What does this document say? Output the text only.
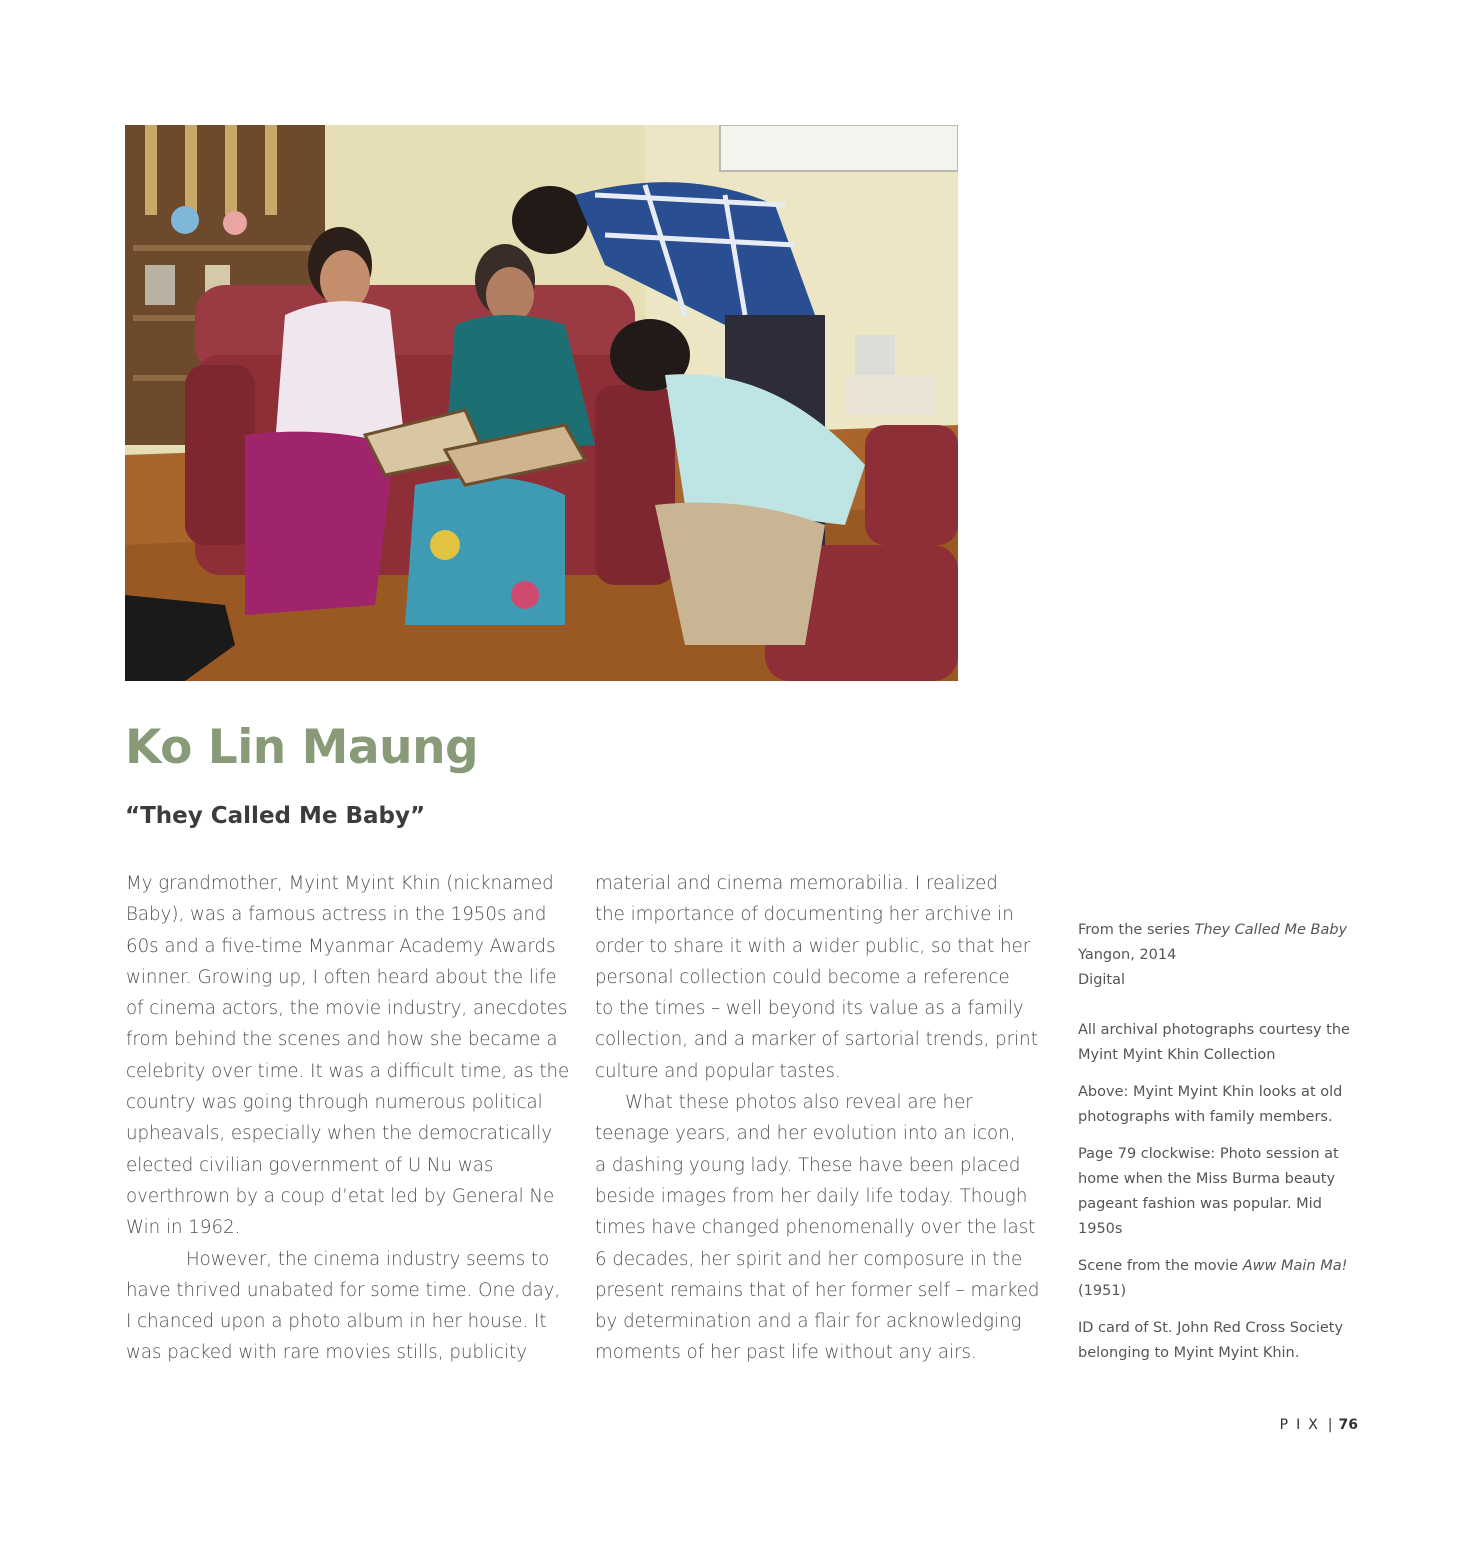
Ko Lin Maung
“They Called Me Baby”

My grandmother, Myint Myint Khin (nicknamed
Baby), was a famous actress in the 1950s and
60s and a five-time Myanmar Academy Awards
winner. Growing up, I often heard about the life
of cinema actors, the movie industry, anecdotes
from behind the scenes and how she became a
celebrity over time. It was a difficult time, as the
country was going through numerous political
upheavals, especially when the democratically
elected civilian government of U Nu was
overthrown by a coup d’etat led by General Ne
Win in 1962.

However, the cinema industry seems to
have thrived unabated for some time. One day,
I chanced upon a photo album in her house. It
was packed with rare movies stills, publicity

material and cinema memorabilia. I realized
the importance of documenting her archive in
order to share it with a wider public, so that her
personal collection could become a reference
to the times – well beyond its value as a family
collection, and a marker of sartorial trends, print
culture and popular tastes.

What these photos also reveal are her
teenage years, and her evolution into an icon,
a dashing young lady. These have been placed
beside images from her daily life today. Though
times have changed phenomenally over the last
6 decades, her spirit and her composure in the
present remains that of her former self – marked
by determination and a flair for acknowledging
moments of her past life without any airs.

From the series They Called Me Baby
Yangon, 2014
Digital
All archival photographs courtesy the
Myint Myint Khin Collection
Above: Myint Myint Khin looks at old
photographs with family members.
Page 79 clockwise: Photo session at
home when the Miss Burma beauty
pageant fashion was popular. Mid
1950s
Scene from the movie Aww Main Ma!
(1951)
ID card of St. John Red Cross Society
belonging to Myint Myint Khin.
PIX | 76
